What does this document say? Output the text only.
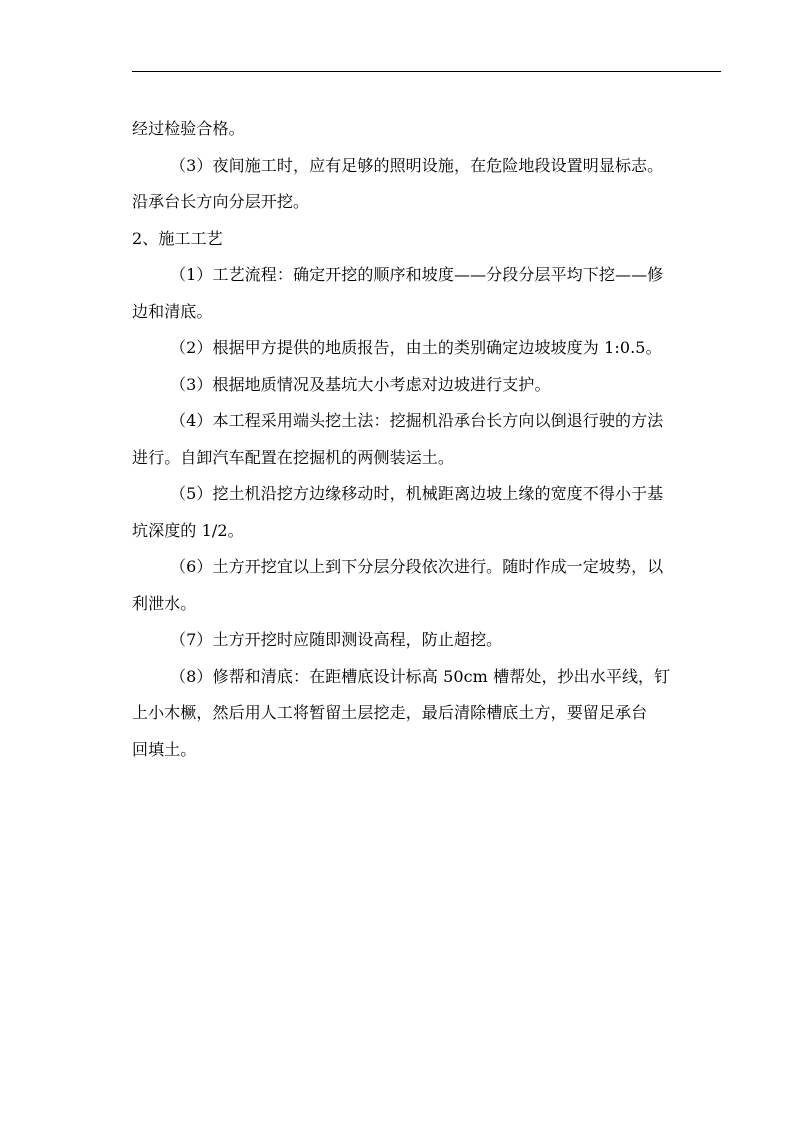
经过检验合格。

（3）夜间施工时，应有足够的照明设施，在危险地段设置明显标志。

沿承台长方向分层开挖。

2、施工工艺

（1）工艺流程：确定开挖的顺序和坡度——分段分层平均下挖——修
边和清底。

（2）根据甲方提供的地质报告，由土的类别确定边坡坡度为 1:0.5。

（3）根据地质情况及基坑大小考虑对边坡进行支护。

（4）本工程采用端头挖土法：挖掘机沿承台长方向以倒退行驶的方法
进行。自卸汽车配置在挖掘机的两侧装运土。

（5）挖土机沿挖方边缘移动时，机械距离边坡上缘的宽度不得小于基
坑深度的 1/2。

（6）土方开挖宜以上到下分层分段依次进行。随时作成一定坡势，以
利泄水。

（7）土方开挖时应随即测设高程，防止超挖。

（8）修帮和清底：在距槽底设计标高 50cm 槽帮处，抄出水平线，钉
上小木橛，然后用人工将暂留土层挖走，最后清除槽底土方，要留足承台
回填土。
